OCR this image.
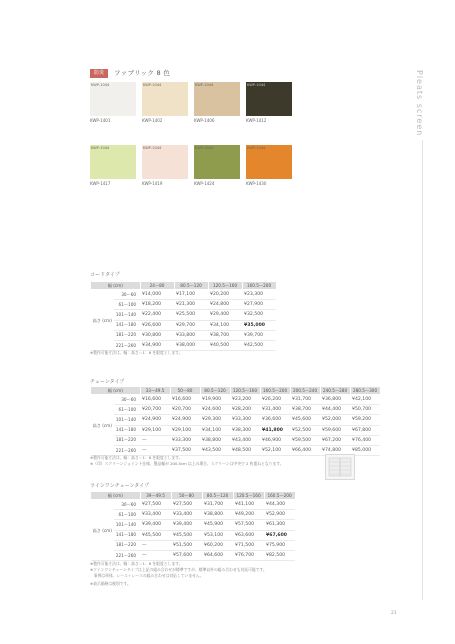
防炎	ファブリック 8 色	Pleats screen
KWP-1044
KWP-1401
KWP-1044
KWP-1402
KWP-1044
KWP-1406
KWP-1044
KWP-1412
KWP-1044
KWP-1417
KWP-1044
KWP-1419
KWP-1044
KWP-1424
KWP-1044
KWP-1430
コードタイプ
幅 (cm)		24〜80	80.5〜120	120.5〜160	160.5〜200
高さ (cm)	30〜60	¥14,000	¥17,100	¥20,200	¥23,300
	61〜100	¥18,200	¥21,300	¥24,800	¥27,900
	101〜140	¥22,400	¥25,500	¥29,400	¥32,500
	141〜180	¥26,600	¥29,700	¥34,100	¥35,000
	181〜220	¥30,800	¥33,800	¥38,700	¥39,700
	221〜260	¥34,900	¥38,000	¥40,500	¥42,500
※製作可能寸法は、幅：高さ＝1：6 を限度とします。
チェーンタイプ
幅 (cm)		33〜49.5	50〜80	80.5〜120	120.5〜160	160.5〜200	200.5〜240	240.5〜280	280.5〜300
高さ (cm)	30〜60	¥16,600	¥16,600	¥19,900	¥23,200	¥26,200	¥31,700	¥36,800	¥42,100
	61〜100	¥20,700	¥20,700	¥24,600	¥28,200	¥31,400	¥38,700	¥44,400	¥50,700
	101〜140	¥24,900	¥24,900	¥29,300	¥33,300	¥36,600	¥45,600	¥52,000	¥59,200
	141〜180	¥29,100	¥29,100	¥34,100	¥38,300	¥41,800	¥52,500	¥59,600	¥67,800
	181〜220	—	¥33,300	¥38,800	¥43,400	¥46,900	¥59,500	¥67,200	¥76,400
	221〜260	—	¥37,500	¥43,500	¥48,500	¥52,100	¥66,400	¥74,800	¥85,000
※製作可能寸法は、幅：高さ＝1：6 を限度とします。
※（印）スクリーンジョイント仕様、製品幅が 200.5cm 以上の場合、スクリーンは中央で 2 枚重ねとなります。
ツインワンチェーンタイプ
幅 (cm)		39〜49.5	50〜80	80.5〜120	120.5〜160	160.5〜200
高さ (cm)	30〜60	¥27,500	¥27,500	¥31,700	¥41,100	¥44,300
	61〜100	¥33,400	¥33,400	¥38,800	¥49,200	¥52,900
	101〜140	¥39,400	¥39,400	¥45,900	¥57,500	¥61,300
	141〜180	¥45,500	¥45,500	¥53,100	¥63,600	¥67,600
	181〜220	—	¥51,500	¥60,200	¥71,500	¥75,900
	221〜260	—	¥57,600	¥64,600	¥76,700	¥82,500
※製作可能寸法は、幅：高さ＝1：6 を限度とします。
※ツインワンチェーンタイプは上記の組み合わせが標準ですが、標準以外の組み合わせも対応可能です。
　事例は単体、レース＋レースの組み合わせは対応していません。
※表示価格は税別です。
21
